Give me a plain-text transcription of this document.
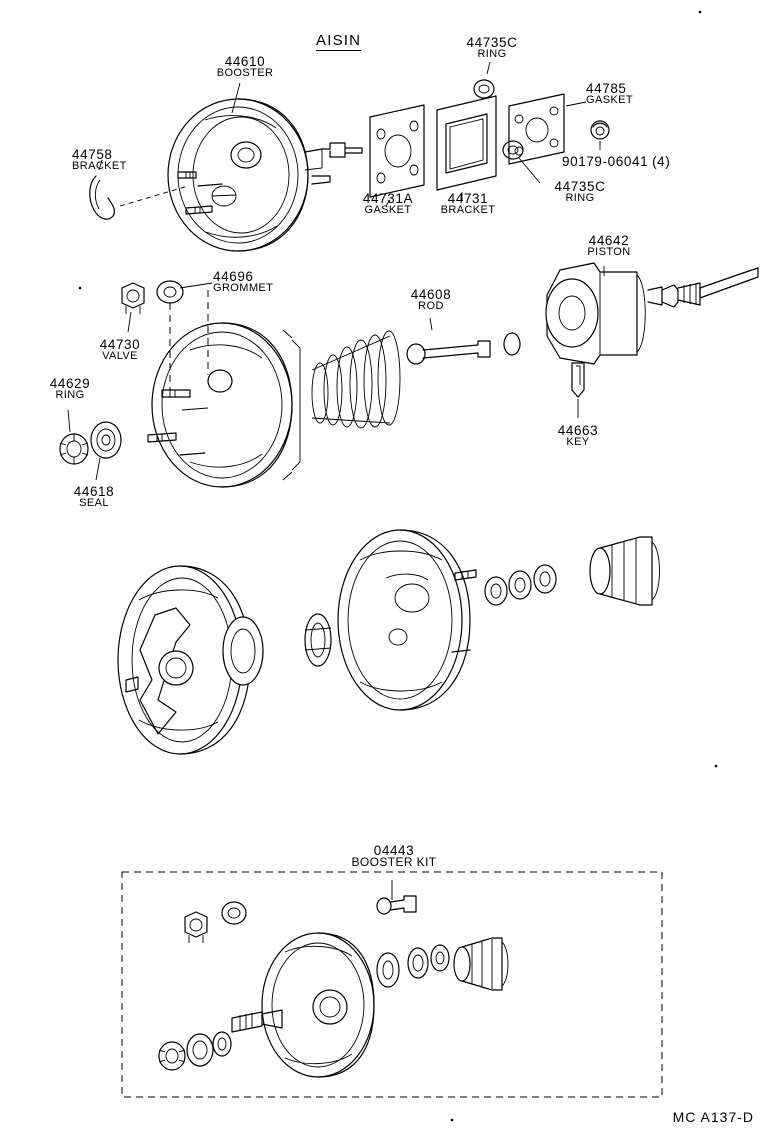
AISIN
44610
BOOSTER
44758
BRACKET
44731A
GASKET
44731
BRACKET
44735C
RING
44785
GASKET
90179-06041 (4)
44735C
RING
44696
GROMMET
44730
VALVE
44629
RING
44618
SEAL
44608
ROD
44642
PISTON
44663
KEY
04443
BOOSTER KIT
MC A137-D
